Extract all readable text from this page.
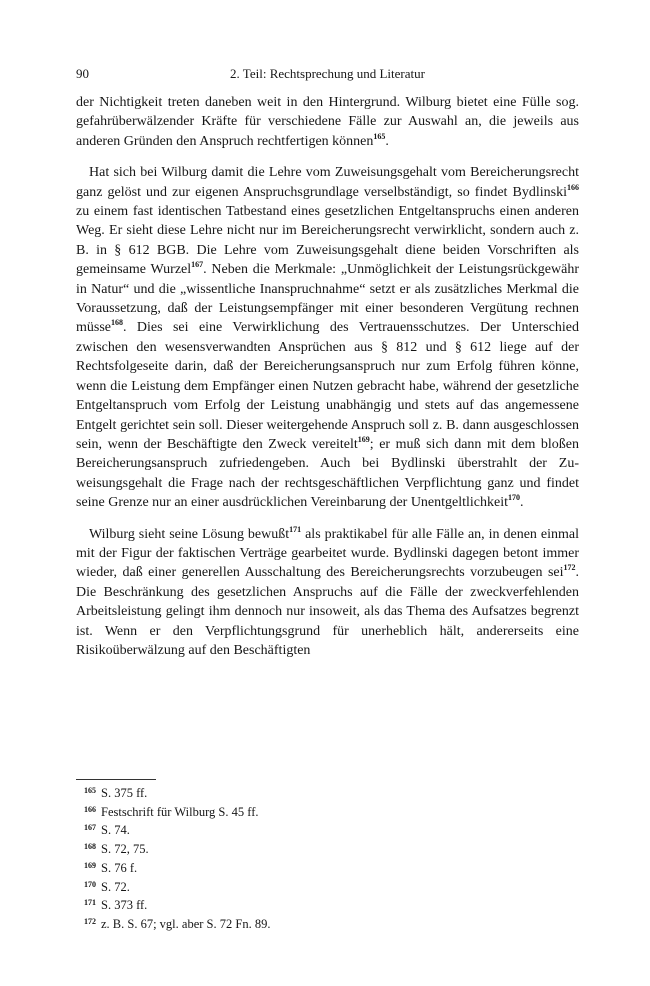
90	2. Teil: Rechtsprechung und Literatur

der Nichtigkeit treten daneben weit in den Hintergrund. Wilburg bietet eine Fülle sog. gefahrüberwälzender Kräfte für verschiedene Fälle zur Auswahl an, die jeweils aus anderen Gründen den Anspruch rechtfertigen können$^{165}$.

Hat sich bei Wilburg damit die Lehre vom Zuweisungsgehalt vom Bereicherungsrecht ganz gelöst und zur eigenen Anspruchsgrundlage verselbständigt, so findet Bydlinski$^{166}$ zu einem fast identischen Tatbestand eines gesetzlichen Entgeltanspruchs einen anderen Weg. Er sieht diese Lehre nicht nur im Bereicherungsrecht verwirklicht, sondern auch z. B. in § 612 BGB. Die Lehre vom Zuweisungsgehalt diene beiden Vorschriften als gemeinsame Wurzel$^{167}$. Neben die Merkmale: „Unmöglichkeit der Leistungsrückgewähr in Natur“ und die „wissentliche Inanspruchnahme“ setzt er als zusätzliches Merkmal die Voraussetzung, daß der Leistungsempfänger mit einer besonderen Vergütung rechnen müsse$^{168}$. Dies sei eine Verwirklichung des Vertrauensschutzes. Der Unterschied zwischen den wesensverwandten Ansprüchen aus § 812 und § 612 liege auf der Rechtsfolgeseite darin, daß der Bereicherungsanspruch nur zum Erfolg führen könne, wenn die Leistung dem Empfänger einen Nutzen gebracht habe, während der gesetzliche Entgeltanspruch vom Erfolg der Leistung unabhängig und stets auf das angemessene Entgelt gerichtet sein soll. Dieser weitergehende Anspruch soll z. B. dann ausgeschlossen sein, wenn der Beschäftigte den Zweck vereitelt$^{169}$; er muß sich dann mit dem bloßen Bereicherungsanspruch zufriedengeben. Auch bei Bydlinski überstrahlt der Zuweisungsgehalt die Frage nach der rechtsgeschäftlichen Verpflichtung ganz und findet seine Grenze nur an einer ausdrücklichen Vereinbarung der Unentgeltlichkeit$^{170}$.

Wilburg sieht seine Lösung bewußt$^{171}$ als praktikabel für alle Fälle an, in denen einmal mit der Figur der faktischen Verträge gearbeitet wurde. Bydlinski dagegen betont immer wieder, daß einer generellen Ausschaltung des Bereicherungsrechts vorzubeugen sei$^{172}$. Die Beschränkung des gesetzlichen Anspruchs auf die Fälle der zweckverfehlenden Arbeitsleistung gelingt ihm dennoch nur insoweit, als das Thema des Aufsatzes begrenzt ist. Wenn er den Verpflichtungsgrund für unerheblich hält, andererseits eine Risikoüberwälzung auf den Beschäftigten

$^{165}$ S. 375 ff.
$^{166}$ Festschrift für Wilburg S. 45 ff.
$^{167}$ S. 74.
$^{168}$ S. 72, 75.
$^{169}$ S. 76 f.
$^{170}$ S. 72.
$^{171}$ S. 373 ff.
$^{172}$ z. B. S. 67; vgl. aber S. 72 Fn. 89.
